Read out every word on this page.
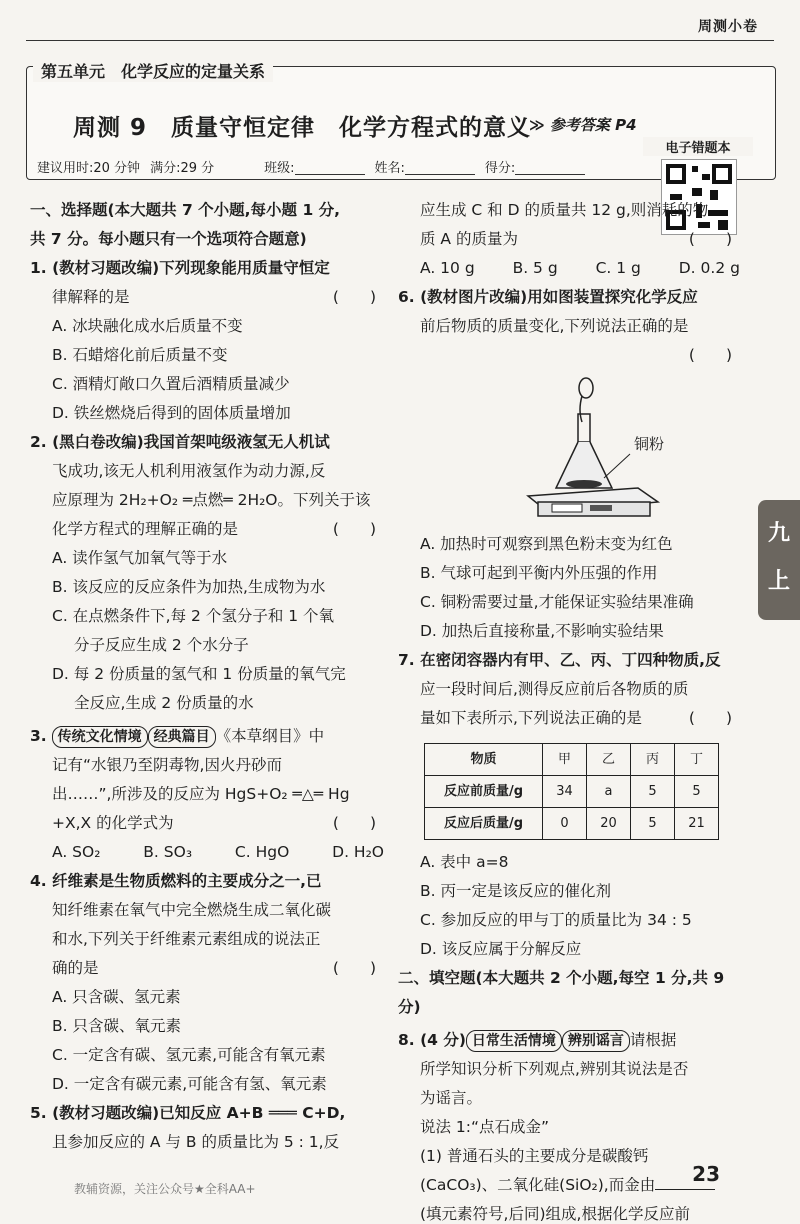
周测小卷
第五单元　化学反应的定量关系
周测 9　质量守恒定律　化学方程式的意义
≫ 参考答案 P4
建议用时:20 分钟 满分:29 分	班级:	姓名:	得分:
电子错题本
一、选择题(本大题共 7 个小题,每小题 1 分,
共 7 分。每小题只有一个选项符合题意)
1. (教材习题改编)下列现象能用质量守恒定
律解释的是	(　　)
A. 冰块融化成水后质量不变
B. 石蜡熔化前后质量不变
C. 酒精灯敞口久置后酒精质量减少
D. 铁丝燃烧后得到的固体质量增加
2. (黑白卷改编)我国首架吨级液氢无人机试
飞成功,该无人机利用液氢作为动力源,反
应原理为 2H₂+O₂ ═点燃═ 2H₂O。下列关于该
化学方程式的理解正确的是	(　　)
A. 读作氢气加氧气等于水
B. 该反应的反应条件为加热,生成物为水
C. 在点燃条件下,每 2 个氢分子和 1 个氧
分子反应生成 2 个水分子
D. 每 2 份质量的氢气和 1 份质量的氧气完
全反应,生成 2 份质量的水
3. 传统文化情境 经典篇目 《本草纲目》中
记有“水银乃至阴毒物,因火丹砂而
出……”,所涉及的反应为 HgS+O₂ ═△═ Hg
+X,X 的化学式为	(　　)
A. SO₂	B. SO₃	C. HgO	D. H₂O
4. 纤维素是生物质燃料的主要成分之一,已
知纤维素在氧气中完全燃烧生成二氧化碳
和水,下列关于纤维素元素组成的说法正
确的是	(　　)
A. 只含碳、氢元素
B. 只含碳、氧元素
C. 一定含有碳、氢元素,可能含有氧元素
D. 一定含有碳元素,可能含有氢、氧元素
5. (教材习题改编)已知反应 A+B ═══ C+D,
且参加反应的 A 与 B 的质量比为 5 : 1,反
应生成 C 和 D 的质量共 12 g,则消耗的物
质 A 的质量为	(　　)
A. 10 g B. 5 g C. 1 g D. 0.2 g
6. (教材图片改编)用如图装置探究化学反应
前后物质的质量变化,下列说法正确的是
(　　)

铜粉
A. 加热时可观察到黑色粉末变为红色
B. 气球可起到平衡内外压强的作用
C. 铜粉需要过量,才能保证实验结果准确
D. 加热后直接称量,不影响实验结果
7. 在密闭容器内有甲、乙、丙、丁四种物质,反
应一段时间后,测得反应前后各物质的质
量如下表所示,下列说法正确的是	(　　)
物质	甲	乙	丙	丁
反应前质量/g	34	a	5	5
反应后质量/g	0	20	5	21
A. 表中 a=8
B. 丙一定是该反应的催化剂
C. 参加反应的甲与丁的质量比为 34 : 5
D. 该反应属于分解反应
二、填空题(本大题共 2 个小题,每空 1 分,共 9
分)
8. (4 分) 日常生活情境 辨别谣言 请根据
所学知识分析下列观点,辨别其说法是否
为谣言。
说法 1:“点石成金”
(1) 普通石头的主要成分是碳酸钙
(CaCO₃)、二氧化硅(SiO₂),而金由
(填元素符号,后同)组成,根据化学反应前
九
上
23
教辅资源，关注公众号★全科AA+
